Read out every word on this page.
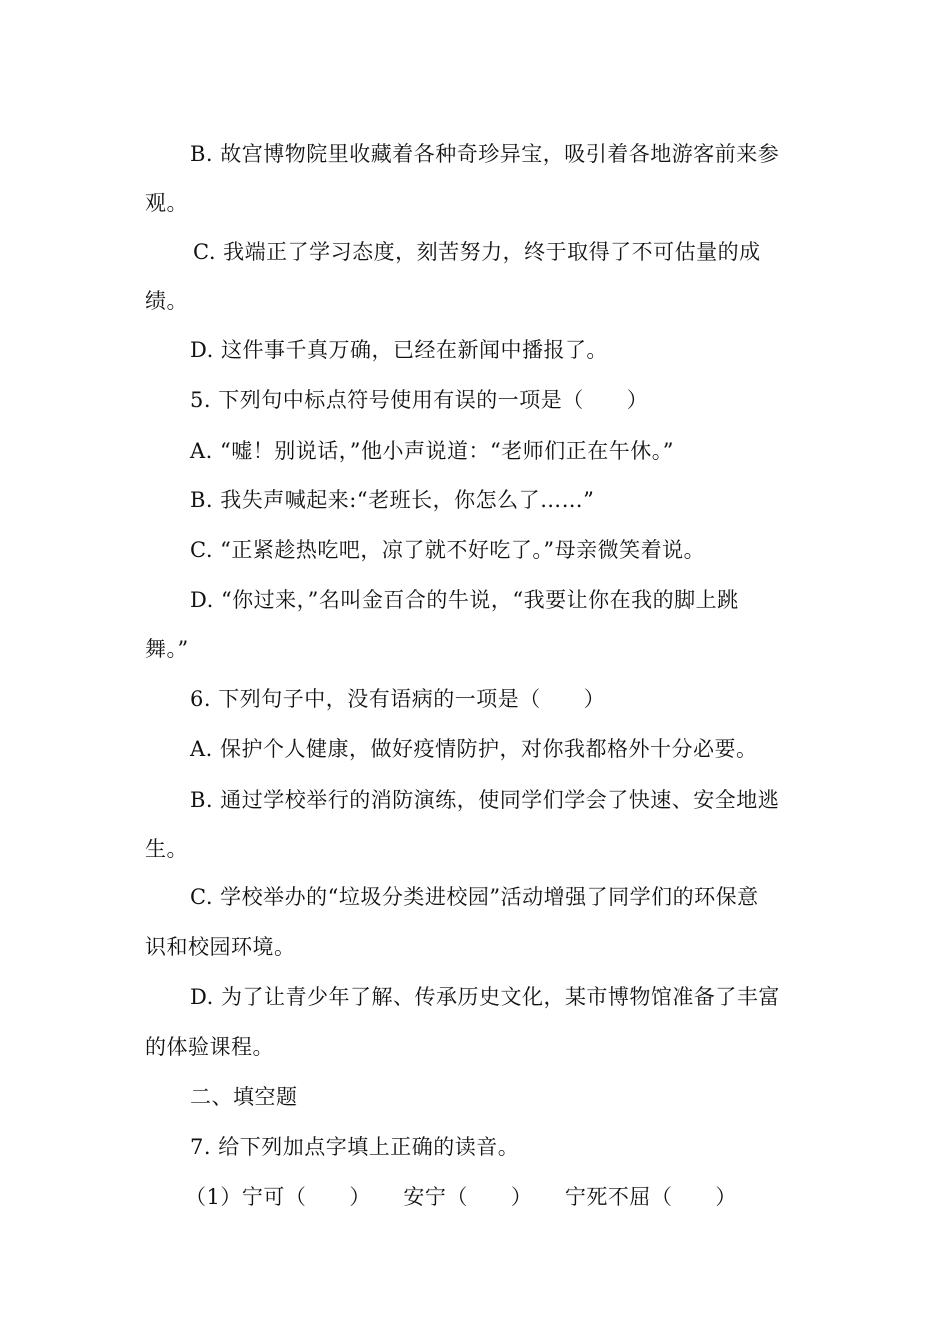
B. 故宫博物院里收藏着各种奇珍异宝，吸引着各地游客前来参
观。
C. 我端正了学习态度，刻苦努力，终于取得了不可估量的成
绩。
D. 这件事千真万确，已经在新闻中播报了。
5. 下列句中标点符号使用有误的一项是（　　）
A. “嘘！别说话，”他小声说道：“老师们正在午休。”
B. 我失声喊起来:“老班长，你怎么了……”
C. “正紧趁热吃吧，凉了就不好吃了。”母亲微笑着说。
D. “你过来，”名叫金百合的牛说，“我要让你在我的脚上跳
舞。”
6. 下列句子中，没有语病的一项是（　　）
A. 保护个人健康，做好疫情防护，对你我都格外十分必要。
B. 通过学校举行的消防演练，使同学们学会了快速、安全地逃
生。
C. 学校举办的“垃圾分类进校园”活动增强了同学们的环保意
识和校园环境。
D. 为了让青少年了解、传承历史文化，某市博物馆准备了丰富
的体验课程。
二、填空题
7. 给下列加点字填上正确的读音。
（1）宁可（　　）　　安宁（　　）　　宁死不屈（　　）
